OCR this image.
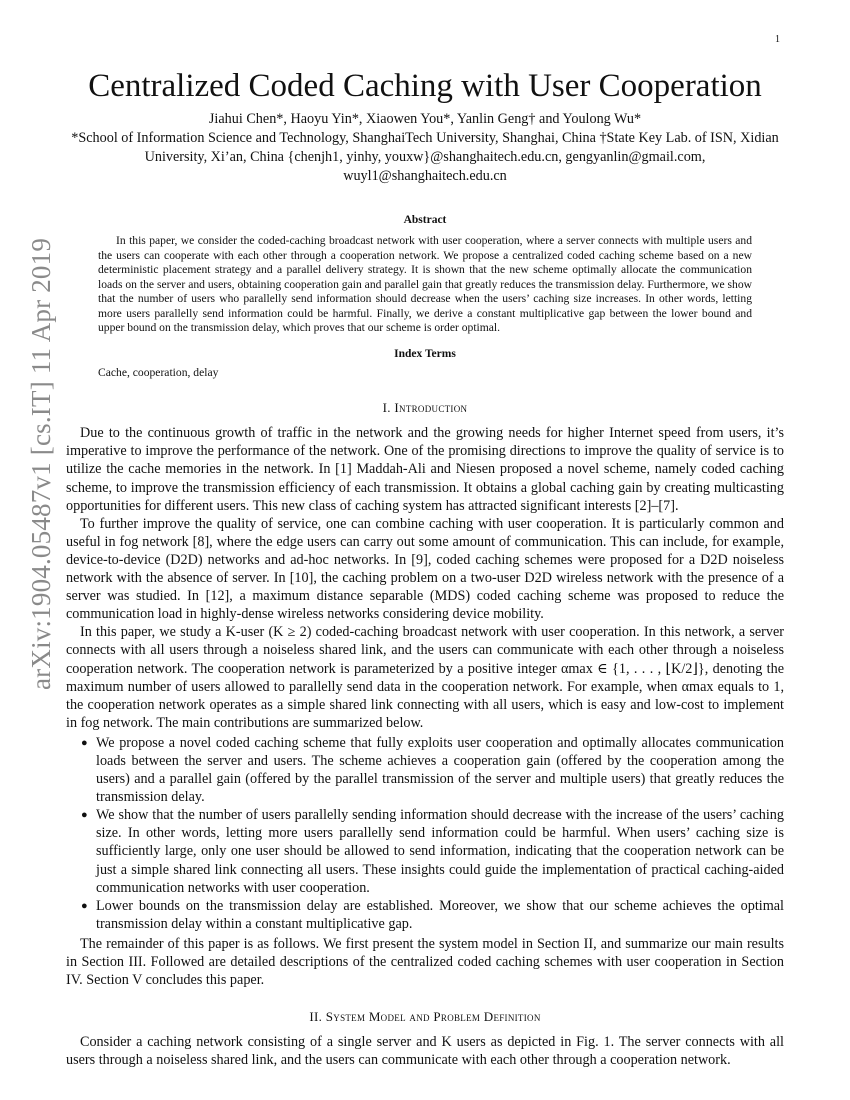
1
arXiv:1904.05487v1 [cs.IT] 11 Apr 2019
Centralized Coded Caching with User Cooperation
Jiahui Chen*, Haoyu Yin*, Xiaowen You*, Yanlin Geng† and Youlong Wu*
*School of Information Science and Technology, ShanghaiTech University, Shanghai, China †State Key Lab. of ISN, Xidian University, Xi’an, China {chenjh1, yinhy, youxw}@shanghaitech.edu.cn, gengyanlin@gmail.com, wuyl1@shanghaitech.edu.cn
Abstract

In this paper, we consider the coded-caching broadcast network with user cooperation, where a server connects with multiple users and the users can cooperate with each other through a cooperation network. We propose a centralized coded caching scheme based on a new deterministic placement strategy and a parallel delivery strategy. It is shown that the new scheme optimally allocate the communication loads on the server and users, obtaining cooperation gain and parallel gain that greatly reduces the transmission delay. Furthermore, we show that the number of users who parallelly send information should decrease when the users’ caching size increases. In other words, letting more users parallelly send information could be harmful. Finally, we derive a constant multiplicative gap between the lower bound and upper bound on the transmission delay, which proves that our scheme is order optimal.

Index Terms

Cache, cooperation, delay

I. Introduction

Due to the continuous growth of traffic in the network and the growing needs for higher Internet speed from users, it’s imperative to improve the performance of the network. One of the promising directions to improve the quality of service is to utilize the cache memories in the network. In [1] Maddah-Ali and Niesen proposed a novel scheme, namely coded caching scheme, to improve the transmission efficiency of each transmission. It obtains a global caching gain by creating multicasting opportunities for different users. This new class of caching system has attracted significant interests [2]–[7].

To further improve the quality of service, one can combine caching with user cooperation. It is particularly common and useful in fog network [8], where the edge users can carry out some amount of communication. This can include, for example, device-to-device (D2D) networks and ad-hoc networks. In [9], coded caching schemes were proposed for a D2D noiseless network with the absence of server. In [10], the caching problem on a two-user D2D wireless network with the presence of a server was studied. In [12], a maximum distance separable (MDS) coded caching scheme was proposed to reduce the communication load in highly-dense wireless networks considering device mobility.

In this paper, we study a K-user (K ≥ 2) coded-caching broadcast network with user cooperation. In this network, a server connects with all users through a noiseless shared link, and the users can communicate with each other through a noiseless cooperation network. The cooperation network is parameterized by a positive integer αmax ∈ {1, . . . , ⌊K/2⌋}, denoting the maximum number of users allowed to parallelly send data in the cooperation network. For example, when αmax equals to 1, the cooperation network operates as a simple shared link connecting with all users, which is easy and low-cost to implement in fog network. The main contributions are summarized below.

● We propose a novel coded caching scheme that fully exploits user cooperation and optimally allocates communication loads between the server and users. The scheme achieves a cooperation gain (offered by the cooperation among the users) and a parallel gain (offered by the parallel transmission of the server and multiple users) that greatly reduces the transmission delay.
● We show that the number of users parallelly sending information should decrease with the increase of the users’ caching size. In other words, letting more users parallelly send information could be harmful. When users’ caching size is sufficiently large, only one user should be allowed to send information, indicating that the cooperation network can be just a simple shared link connecting all users. These insights could guide the implementation of practical caching-aided communication networks with user cooperation.
● Lower bounds on the transmission delay are established. Moreover, we show that our scheme achieves the optimal transmission delay within a constant multiplicative gap.

The remainder of this paper is as follows. We first present the system model in Section II, and summarize our main results in Section III. Followed are detailed descriptions of the centralized coded caching schemes with user cooperation in Section IV. Section V concludes this paper.

II. System Model and Problem Definition

Consider a caching network consisting of a single server and K users as depicted in Fig. 1. The server connects with all users through a noiseless shared link, and the users can communicate with each other through a cooperation network.
